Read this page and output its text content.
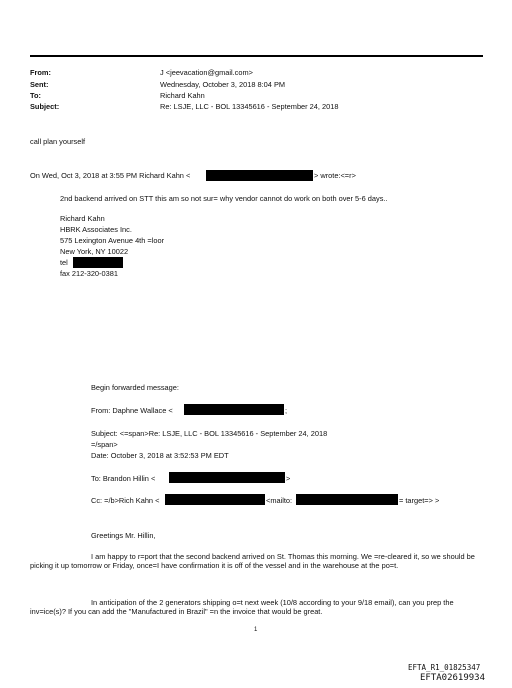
From:	J <jeevacation@gmail.com>
Sent:	Wednesday, October 3, 2018 8:04 PM
To:	Richard Kahn
Subject:	Re: LSJE, LLC - BOL 13345616 - September 24, 2018
call plan yourself
On Wed, Oct 3, 2018 at 3:55 PM Richard Kahn <	> wrote:<=r>
2nd backend arrived on STT this am so not sur= why vendor cannot do work on both over 5-6 days..
Richard Kahn
HBRK Associates Inc.
575 Lexington Avenue 4th =loor
New York, NY 10022
tel
fax 212-320-0381
Begin forwarded message:
From: Daphne Wallace <	;
Subject: <=span>Re: LSJE, LLC - BOL 13345616 - September 24, 2018
=/span>
Date: October 3, 2018 at 3:52:53 PM EDT
To: Brandon Hillin <	>
Cc: =/b>Rich Kahn <	<mailto:	= target=> >
Greetings Mr. Hillin,
I am happy to r=port that the second backend arrived on St. Thomas this morning. We =re-cleared it, so we should be picking it up tomorrow or Friday, once=I have confirmation it is off of the vessel and in the warehouse at the po=t.
In anticipation of the 2 generators shipping o=t next week (10/8 according to your 9/18 email), can you prep the inv=ice(s)? If you can add the "Manufactured in Brazil" =n the invoice that would be great.
1
EFTA_R1_01825347
EFTA02619934
